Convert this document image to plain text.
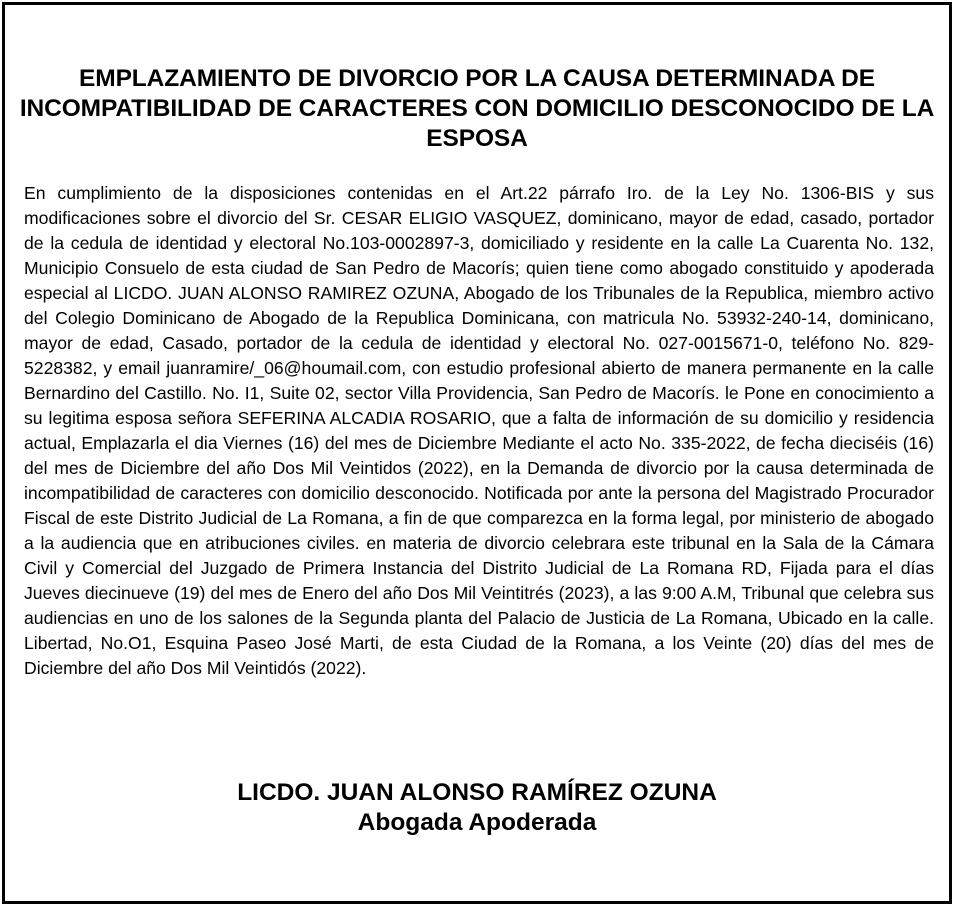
EMPLAZAMIENTO DE DIVORCIO POR LA CAUSA DETERMINADA DE INCOMPATIBILIDAD DE CARACTERES CON DOMICILIO DESCONOCIDO DE LA ESPOSA

En cumplimiento de la disposiciones contenidas en el Art.22 párrafo Iro. de la Ley No. 1306-BIS y sus modificaciones sobre el divorcio del Sr. CESAR ELIGIO VASQUEZ, dominicano, mayor de edad, casado, portador de la cedula de identidad y electoral No.103-0002897-3, domiciliado y residente en la calle La Cuarenta No. 132, Municipio Consuelo de esta ciudad de San Pedro de Macorís; quien tiene como abogado constituido y apoderada especial al LICDO. JUAN ALONSO RAMIREZ OZUNA, Abogado de los Tribunales de la Republica, miembro activo del Colegio Dominicano de Abogado de la Republica Dominicana, con matricula No. 53932-240-14, dominicano, mayor de edad, Casado, portador de la cedula de identidad y electoral No. 027-0015671-0, teléfono No. 829-5228382, y email juanramire/_06@houmail.com, con estudio profesional abierto de manera permanente en la calle Bernardino del Castillo. No. I1, Suite 02, sector Villa Providencia, San Pedro de Macorís. le Pone en conocimiento a su legitima esposa señora SEFERINA ALCADIA ROSARIO, que a falta de información de su domicilio y residencia actual, Emplazarla el dia Viernes (16) del mes de Diciembre Mediante el acto No. 335-2022, de fecha dieciséis (16) del mes de Diciembre del año Dos Mil Veintidos (2022), en la Demanda de divorcio por la causa determinada de incompatibilidad de caracteres con domicilio desconocido. Notificada por ante la persona del Magistrado Procurador Fiscal de este Distrito Judicial de La Romana, a fin de que comparezca en la forma legal, por ministerio de abogado a la audiencia que en atribuciones civiles. en materia de divorcio celebrara este tribunal en la Sala de la Cámara Civil y Comercial del Juzgado de Primera Instancia del Distrito Judicial de La Romana RD, Fijada para el días Jueves diecinueve (19) del mes de Enero del año Dos Mil Veintitrés (2023), a las 9:00 A.M, Tribunal que celebra sus audiencias en uno de los salones de la Segunda planta del Palacio de Justicia de La Romana, Ubicado en la calle. Libertad, No.O1, Esquina Paseo José Marti, de esta Ciudad de la Romana, a los Veinte (20) días del mes de Diciembre del año Dos Mil Veintidós (2022).

LICDO. JUAN ALONSO RAMÍREZ OZUNA
Abogada Apoderada
